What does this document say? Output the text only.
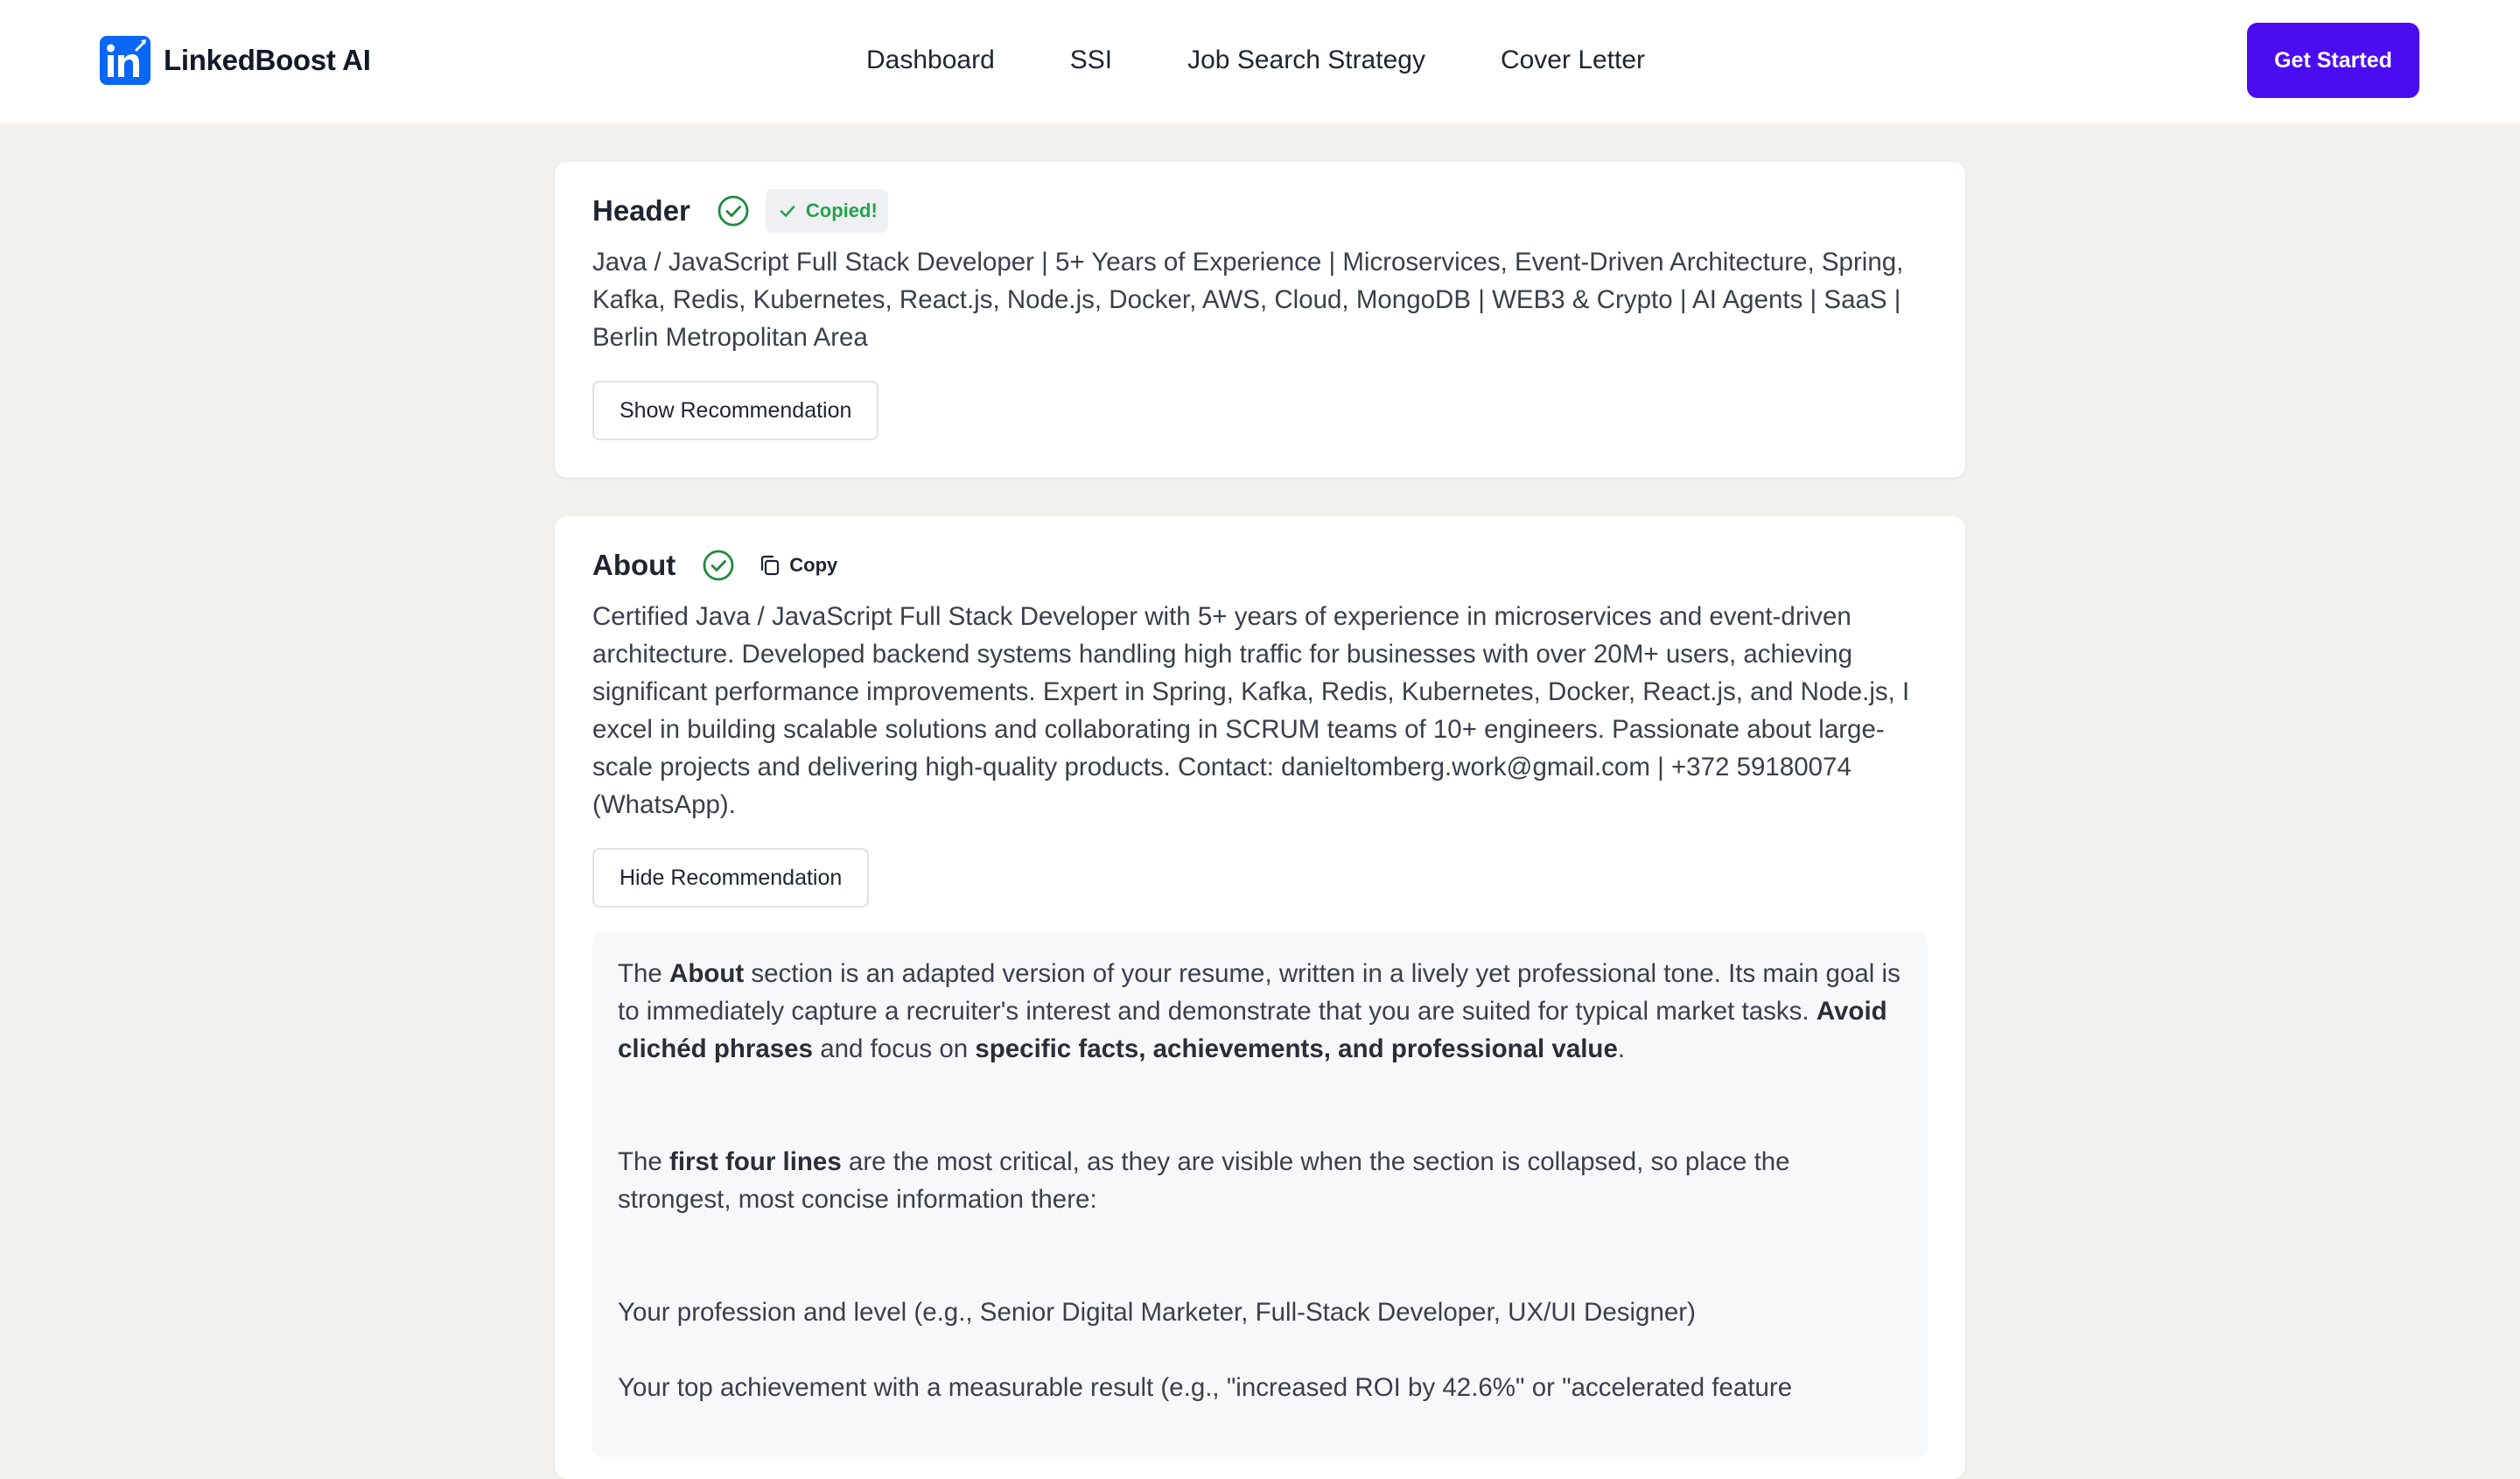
LinkedBoost AI	Dashboard	SSI	Job Search Strategy	Cover Letter	Get Started
Header	Copied!

Java / JavaScript Full Stack Developer | 5+ Years of Experience | Microservices, Event-Driven Architecture, Spring, Kafka, Redis, Kubernetes, React.js, Node.js, Docker, AWS, Cloud, MongoDB | WEB3 & Crypto | AI Agents | SaaS | Berlin Metropolitan Area

Show Recommendation
About	Copy

Certified Java / JavaScript Full Stack Developer with 5+ years of experience in microservices and event-driven architecture. Developed backend systems handling high traffic for businesses with over 20M+ users, achieving significant performance improvements. Expert in Spring, Kafka, Redis, Kubernetes, Docker, React.js, and Node.js, I excel in building scalable solutions and collaborating in SCRUM teams of 10+ engineers. Passionate about large-scale projects and delivering high-quality products. Contact: danieltomberg.work@gmail.com | +372 59180074 (WhatsApp).

Hide Recommendation

The About section is an adapted version of your resume, written in a lively yet professional tone. Its main goal is to immediately capture a recruiter's interest and demonstrate that you are suited for typical market tasks. Avoid clichéd phrases and focus on specific facts, achievements, and professional value.

The first four lines are the most critical, as they are visible when the section is collapsed, so place the strongest, most concise information there:

Your profession and level (e.g., Senior Digital Marketer, Full-Stack Developer, UX/UI Designer)

Your top achievement with a measurable result (e.g., "increased ROI by 42.6%" or "accelerated feature
